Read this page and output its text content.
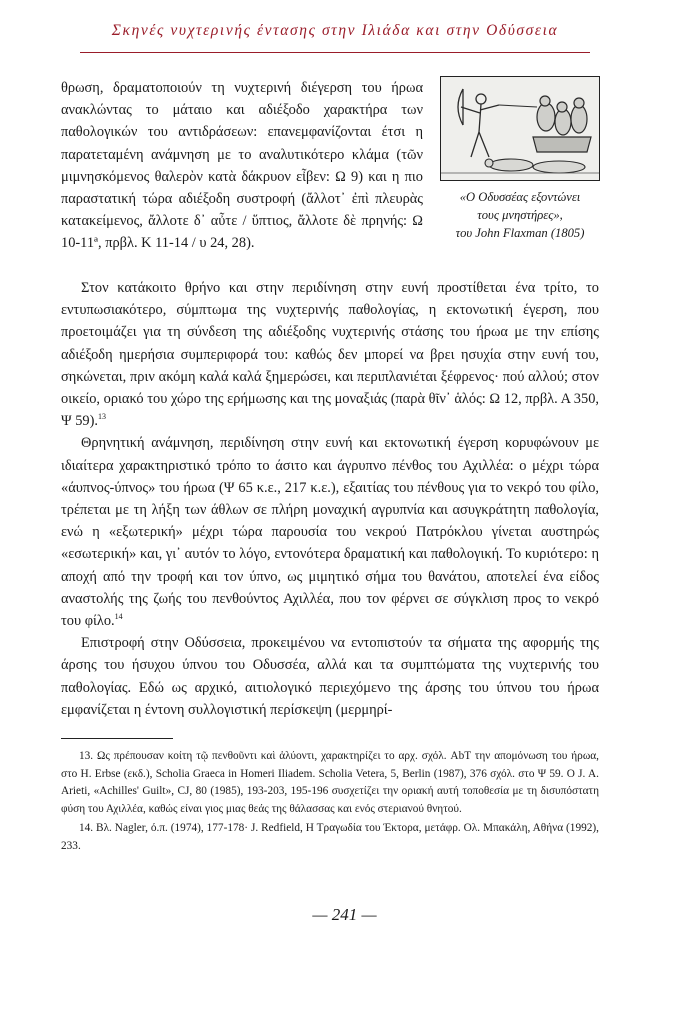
Σκηνές νυχτερινής έντασης στην Ιλιάδα και στην Οδύσσεια
θρωση, δραματοποιούν τη νυχτερινή διέγερση του ήρωα ανακλώντας το μάταιο και αδιέξοδο χαρακτήρα των παθολογικών του αντιδράσεων: επανεμφανίζονται έτσι η παρατεταμένη ανάμνηση με το αναλυτικότερο κλάμα (τῶν μιμνησκόμενος θαλερὸν κατὰ δάκρυον εἶβεν: Ω 9) και η πιο παραστατική τώρα αδιέξοδη συστροφή (ἄλλοτ᾽ ἐπὶ πλευρὰς κατακείμενος, ἄλλοτε δ᾽ αὖτε / ὕπτιος, ἄλλοτε δὲ πρηνής: Ω 10-11ª, πρβλ. Κ 11-14 / υ 24, 28).
«Ο Οδυσσέας εξοντώνει
τους μνηστήρες»,
του John Flaxman (1805)

Στον κατάκοιτο θρήνο και στην περιδίνηση στην ευνή προστίθεται ένα τρίτο, το εντυπωσιακότερο, σύμπτωμα της νυχτερινής παθολογίας, η εκτονωτική έγερση, που προετοιμάζει για τη σύνδεση της αδιέξοδης νυχτερινής στάσης του ήρωα με την επίσης αδιέξοδη ημερήσια συμπεριφορά του: καθώς δεν μπορεί να βρει ησυχία στην ευνή του, σηκώνεται, πριν ακόμη καλά καλά ξημερώσει, και περιπλανιέται ξέφρενος· πού αλλού; στον οικείο, οριακό του χώρο της ερήμωσης και της μοναξιάς (παρὰ θῖν᾽ ἁλός: Ω 12, πρβλ. Α 350, Ψ 59).$^{13}$

Θρηνητική ανάμνηση, περιδίνηση στην ευνή και εκτονωτική έγερση κορυφώνουν με ιδιαίτερα χαρακτηριστικό τρόπο το άσιτο και άγρυπνο πένθος του Αχιλλέα: ο μέχρι τώρα «άυπνος-ύπνος» του ήρωα (Ψ 65 κ.ε., 217 κ.ε.), εξαιτίας του πένθους για το νεκρό του φίλο, τρέπεται με τη λήξη των άθλων σε πλήρη μοναχική αγρυπνία και ασυγκράτητη παθολογία, ενώ η «εξωτερική» μέχρι τώρα παρουσία του νεκρού Πατρόκλου γίνεται αυστηρώς «εσωτερική» και, γι᾽ αυτόν το λόγο, εντονότερα δραματική και παθολογική. Το κυριότερο: η αποχή από την τροφή και τον ύπνο, ως μιμητικό σήμα του θανάτου, αποτελεί ένα είδος αναστολής της ζωής του πενθούντος Αχιλλέα, που τον φέρνει σε σύγκλιση προς το νεκρό του φίλο.$^{14}$

Επιστροφή στην Οδύσσεια, προκειμένου να εντοπιστούν τα σήματα της αφορμής της άρσης του ήσυχου ύπνου του Οδυσσέα, αλλά και τα συμπτώματα της νυχτερινής του παθολογίας. Εδώ ως αρχικό, αιτιολογικό περιεχόμενο της άρσης του ύπνου του ήρωα εμφανίζεται η έντονη συλλογιστική περίσκεψη (μερμηρί-

13. Ως πρέπουσαν κοίτη τῷ πενθοῦντι καὶ ἀλύοντι, χαρακτηρίζει το αρχ. σχόλ. AbT την απομόνωση του ήρωα, στο H. Erbse (εκδ.), Scholia Graeca in Homeri Iliadem. Scholia Vetera, 5, Berlin (1987), 376 σχόλ. στο Ψ 59. Ο J. A. Arieti, «Achilles' Guilt», CJ, 80 (1985), 193-203, 195-196 συσχετίζει την οριακή αυτή τοποθεσία με τη δισυπόστατη φύση του Αχιλλέα, καθώς είναι γιος μιας θεάς της θάλασσας και ενός στεριανού θνητού.

14. Βλ. Nagler, ό.π. (1974), 177-178· J. Redfield, Η Τραγωδία του Έκτορα, μετάφρ. Ολ. Μπακάλη, Αθήνα (1992), 233.

— 241 —
